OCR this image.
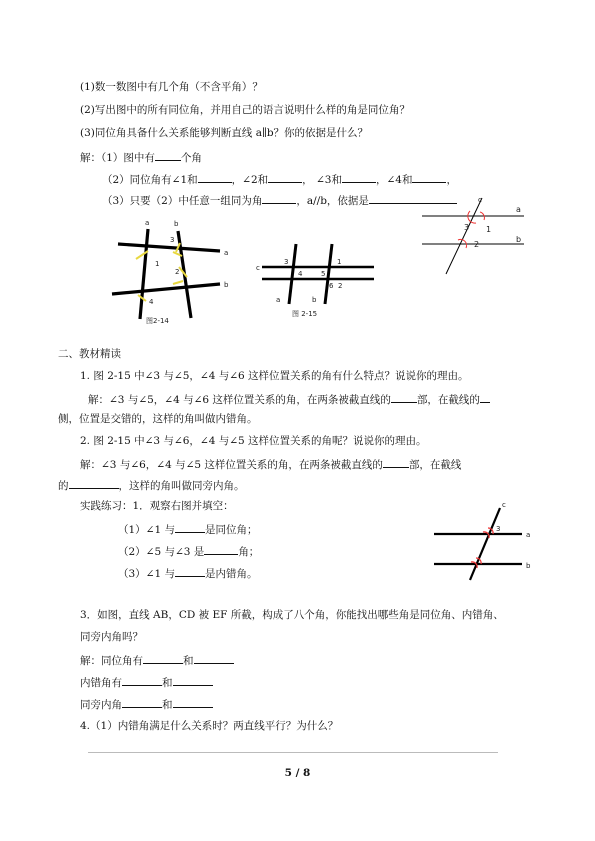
(1)数一数图中有几个角（不含平角）？
(2)写出图中的所有同位角，并用自己的语言说明什么样的角是同位角？
(3)同位角具备什么关系能够判断直线 a∥b？你的依据是什么？
解：（1）图中有 个角
（2）同位角有∠1和	，∠2和	， ∠3和	，∠4和	，
（3）只要（2）中任意一组同为角	，a//b，依据是
a	b
a
b
1
2
3
4
图2-14
c
a	b
1
2
3
4	5
6
图 2-15
c
a
b
1
2
3
二、教材精读
1. 图 2-15 中∠3 与∠5，∠4 与∠6 这样位置关系的角有什么特点？说说你的理由。
解：∠3 与∠5，∠4 与∠6 这样位置关系的角，在两条被截直线的 部，在截线的
侧，位置是交错的，这样的角叫做内错角。
2. 图 2-15 中∠3 与∠6，∠4 与∠5 这样位置关系的角呢？说说你的理由。
解：∠3 与∠6，∠4 与∠5 这样位置关系的角，在两条被截直线的 部，在截线
的	，这样的角叫做同旁内角。
实践练习：1．观察右图并填空：
（1）∠1 与	是同位角；
（2）∠5 与∠3 是	角；
（3）∠1 与	是内错角。
c
a
b
3
3．如图，直线 AB，CD 被 EF 所截，构成了八个角，你能找出哪些角是同位角、内错角、
同旁内角吗？
解：同位角有	和
内错角有	和
同旁内角	和
4.（1）内错角满足什么关系时？两直线平行？为什么？
5 / 8
